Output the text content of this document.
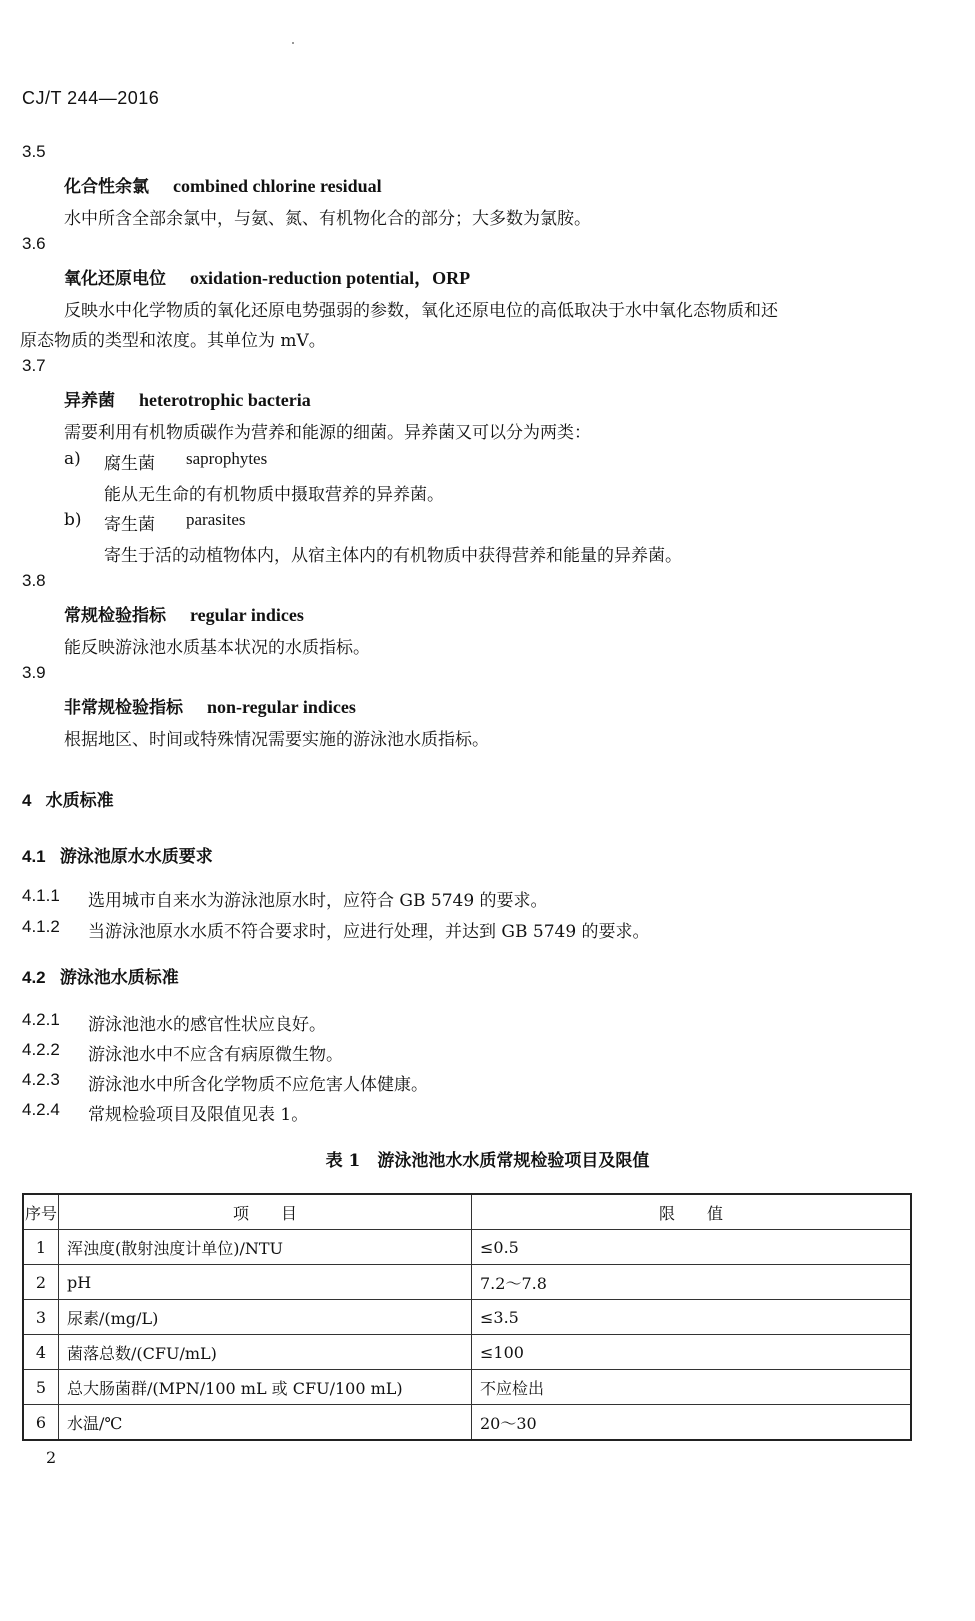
CJ/T 244—2016
3.5
化合性余氯 combined chlorine residual
水中所含全部余氯中，与氨、氮、有机物化合的部分；大多数为氯胺。
3.6
氧化还原电位 oxidation-reduction potential，ORP
反映水中化学物质的氧化还原电势强弱的参数，氧化还原电位的高低取决于水中氧化态物质和还
原态物质的类型和浓度。其单位为 mV。
3.7
异养菌 heterotrophic bacteria
需要利用有机物质碳作为营养和能源的细菌。异养菌又可以分为两类：
a) 腐生菌 saprophytes
能从无生命的有机物质中摄取营养的异养菌。
b) 寄生菌 parasites
寄生于活的动植物体内，从宿主体内的有机物质中获得营养和能量的异养菌。
3.8
常规检验指标 regular indices
能反映游泳池水质基本状况的水质指标。
3.9
非常规检验指标 non-regular indices
根据地区、时间或特殊情况需要实施的游泳池水质指标。
4 水质标准
4.1 游泳池原水水质要求
4.1.1 选用城市自来水为游泳池原水时，应符合 GB 5749 的要求。
4.1.2 当游泳池原水水质不符合要求时，应进行处理，并达到 GB 5749 的要求。
4.2 游泳池水质标准
4.2.1 游泳池池水的感官性状应良好。
4.2.2 游泳池水中不应含有病原微生物。
4.2.3 游泳池水中所含化学物质不应危害人体健康。
4.2.4 常规检验项目及限值见表 1。
表 1　游泳池池水水质常规检验项目及限值
序号	项　　目	限　　值
1	浑浊度(散射浊度计单位)/NTU	≤0.5
2	pH	7.2～7.8
3	尿素/(mg/L)	≤3.5
4	菌落总数/(CFU/mL)	≤100
5	总大肠菌群/(MPN/100 mL 或 CFU/100 mL)	不应检出
6	水温/℃	20～30
2
